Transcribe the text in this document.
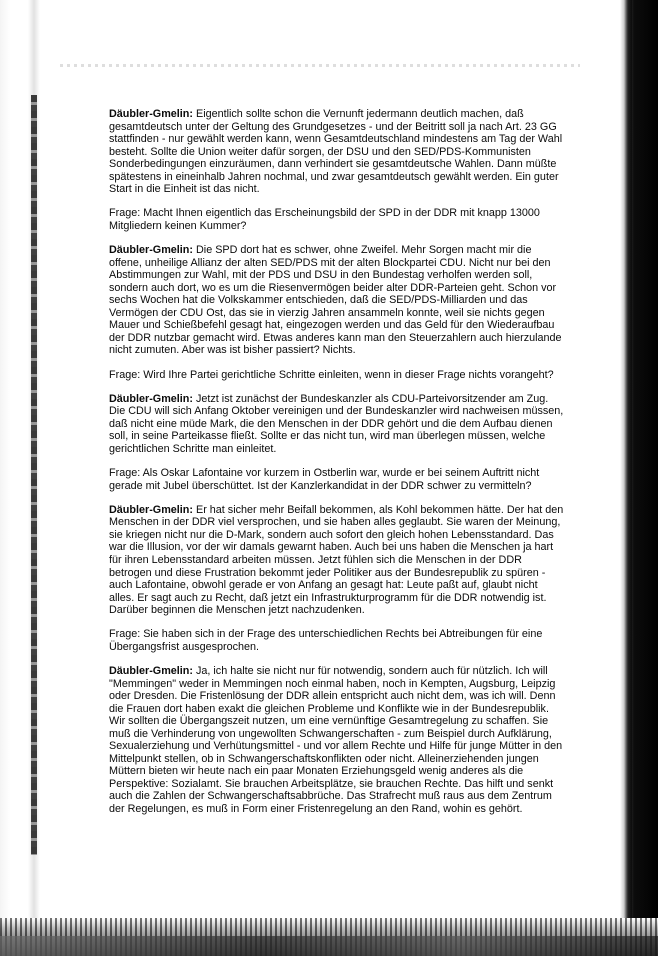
Däubler-Gmelin: Eigentlich sollte schon die Vernunft jedermann deutlich machen, daß gesamtdeutsch unter der Geltung des Grundgesetzes - und der Beitritt soll ja nach Art. 23 GG stattfinden - nur gewählt werden kann, wenn Gesamtdeutschland mindestens am Tag der Wahl besteht. Sollte die Union weiter dafür sorgen, der DSU und den SED/PDS-Kommunisten Sonderbedingungen einzuräumen, dann verhindert sie gesamtdeutsche Wahlen. Dann müßte spätestens in eineinhalb Jahren nochmal, und zwar gesamtdeutsch gewählt werden. Ein guter Start in die Einheit ist das nicht.

Frage: Macht Ihnen eigentlich das Erscheinungsbild der SPD in der DDR mit knapp 13000 Mitgliedern keinen Kummer?

Däubler-Gmelin: Die SPD dort hat es schwer, ohne Zweifel. Mehr Sorgen macht mir die offene, unheilige Allianz der alten SED/PDS mit der alten Blockpartei CDU. Nicht nur bei den Abstimmungen zur Wahl, mit der PDS und DSU in den Bundestag verholfen werden soll, sondern auch dort, wo es um die Riesenvermögen beider alter DDR-Parteien geht. Schon vor sechs Wochen hat die Volkskammer entschieden, daß die SED/PDS-Milliarden und das Vermögen der CDU Ost, das sie in vierzig Jahren ansammeln konnte, weil sie nichts gegen Mauer und Schießbefehl gesagt hat, eingezogen werden und das Geld für den Wiederaufbau der DDR nutzbar gemacht wird. Etwas anderes kann man den Steuerzahlern auch hierzulande nicht zumuten. Aber was ist bisher passiert? Nichts.

Frage: Wird Ihre Partei gerichtliche Schritte einleiten, wenn in dieser Frage nichts vorangeht?

Däubler-Gmelin: Jetzt ist zunächst der Bundeskanzler als CDU-Parteivorsitzender am Zug. Die CDU will sich Anfang Oktober vereinigen und der Bundeskanzler wird nachweisen müssen, daß nicht eine müde Mark, die den Menschen in der DDR gehört und die dem Aufbau dienen soll, in seine Parteikasse fließt. Sollte er das nicht tun, wird man überlegen müssen, welche gerichtlichen Schritte man einleitet.

Frage: Als Oskar Lafontaine vor kurzem in Ostberlin war, wurde er bei seinem Auftritt nicht gerade mit Jubel überschüttet. Ist der Kanzlerkandidat in der DDR schwer zu vermitteln?

Däubler-Gmelin: Er hat sicher mehr Beifall bekommen, als Kohl bekommen hätte. Der hat den Menschen in der DDR viel versprochen, und sie haben alles geglaubt. Sie waren der Meinung, sie kriegen nicht nur die D-Mark, sondern auch sofort den gleich hohen Lebensstandard. Das war die Illusion, vor der wir damals gewarnt haben. Auch bei uns haben die Menschen ja hart für ihren Lebensstandard arbeiten müssen. Jetzt fühlen sich die Menschen in der DDR betrogen und diese Frustration bekommt jeder Politiker aus der Bundesrepublik zu spüren - auch Lafontaine, obwohl gerade er von Anfang an gesagt hat: Leute paßt auf, glaubt nicht alles. Er sagt auch zu Recht, daß jetzt ein Infrastrukturprogramm für die DDR notwendig ist. Darüber beginnen die Menschen jetzt nachzudenken.

Frage: Sie haben sich in der Frage des unterschiedlichen Rechts bei Abtreibungen für eine Übergangsfrist ausgesprochen.

Däubler-Gmelin: Ja, ich halte sie nicht nur für notwendig, sondern auch für nützlich. Ich will "Memmingen" weder in Memmingen noch einmal haben, noch in Kempten, Augsburg, Leipzig oder Dresden. Die Fristenlösung der DDR allein entspricht auch nicht dem, was ich will. Denn die Frauen dort haben exakt die gleichen Probleme und Konflikte wie in der Bundesrepublik. Wir sollten die Übergangszeit nutzen, um eine vernünftige Gesamtregelung zu schaffen. Sie muß die Verhinderung von ungewollten Schwangerschaften - zum Beispiel durch Aufklärung, Sexualerziehung und Verhütungsmittel - und vor allem Rechte und Hilfe für junge Mütter in den Mittelpunkt stellen, ob in Schwangerschaftskonflikten oder nicht. Alleinerziehenden jungen Müttern bieten wir heute nach ein paar Monaten Erziehungsgeld wenig anderes als die Perspektive: Sozialamt. Sie brauchen Arbeitsplätze, sie brauchen Rechte. Das hilft und senkt auch die Zahlen der Schwangerschaftsabbrüche. Das Strafrecht muß raus aus dem Zentrum der Regelungen, es muß in Form einer Fristenregelung an den Rand, wohin es gehört.
